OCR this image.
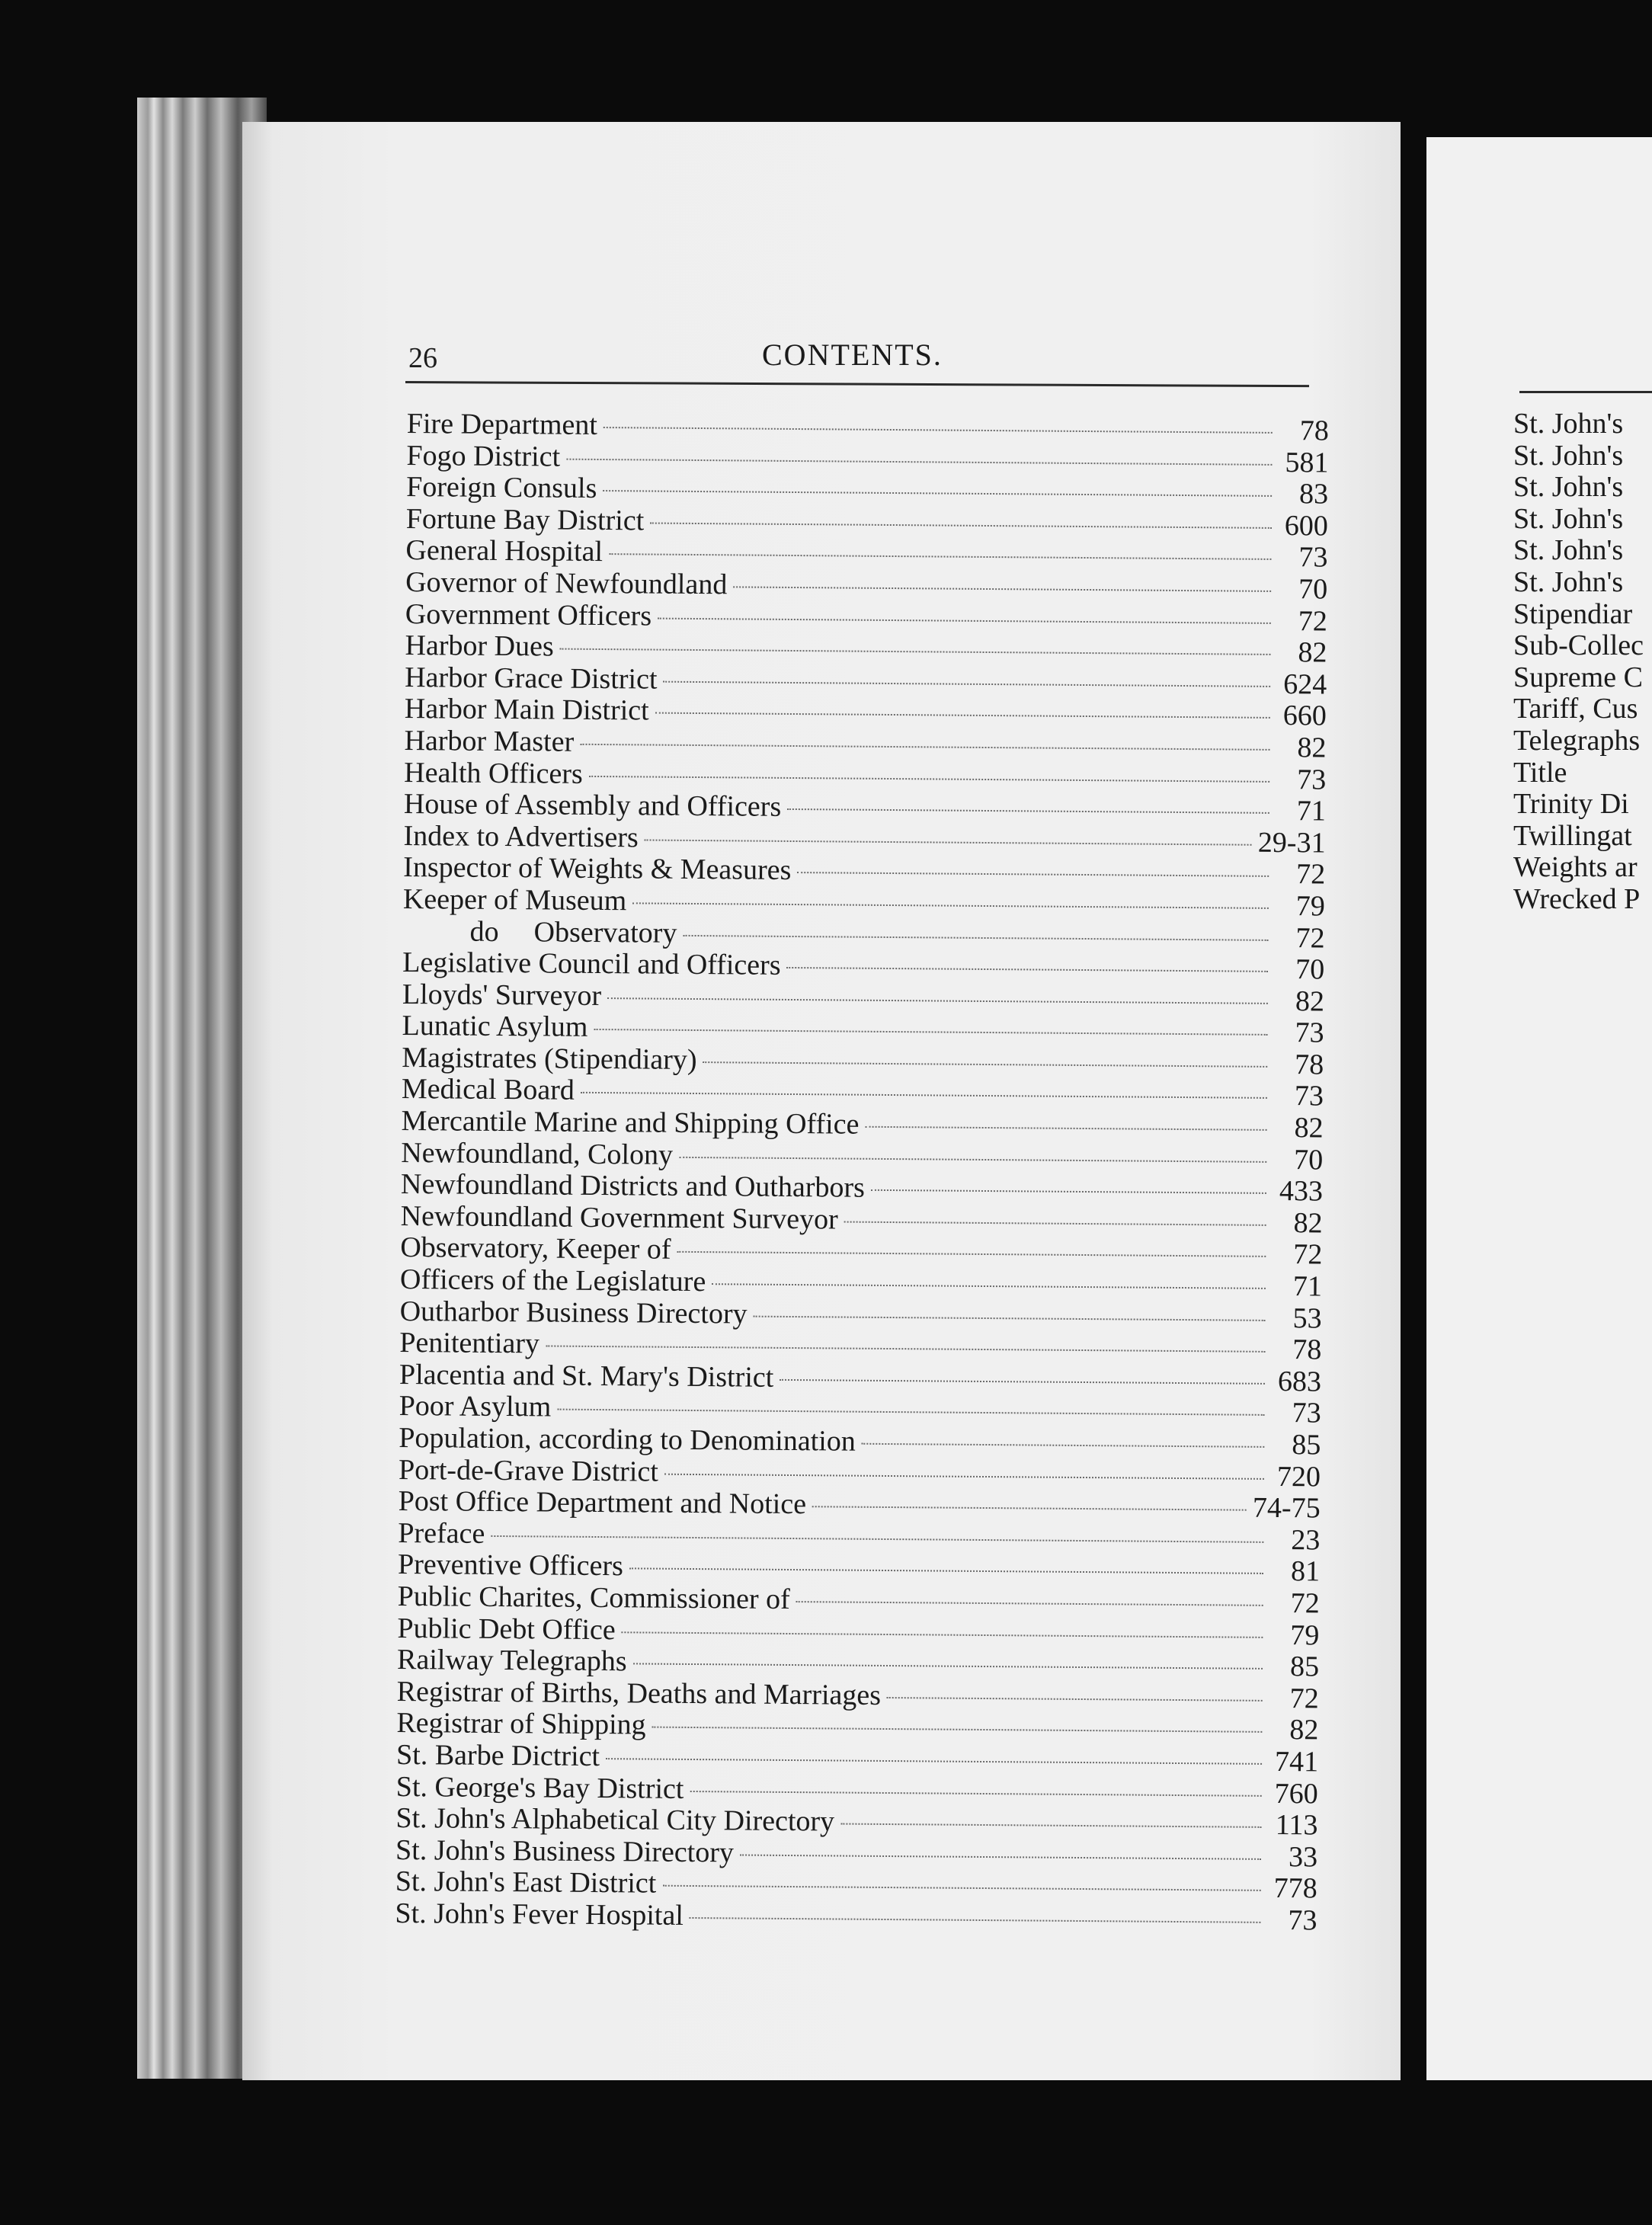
26	CONTENTS.
Fire Department	78
Fogo District	581
Foreign Consuls	83
Fortune Bay District	600
General Hospital	73
Governor of Newfoundland	70
Government Officers	72
Harbor Dues	82
Harbor Grace District	624
Harbor Main District	660
Harbor Master	82
Health Officers	73
House of Assembly and Officers	71
Index to Advertisers	29-31
Inspector of Weights & Measures	72
Keeper of Museum	79
do Observatory	72
Legislative Council and Officers	70
Lloyds' Surveyor	82
Lunatic Asylum	73
Magistrates (Stipendiary)	78
Medical Board	73
Mercantile Marine and Shipping Office	82
Newfoundland, Colony	70
Newfoundland Districts and Outharbors	433
Newfoundland Government Surveyor	82
Observatory, Keeper of	72
Officers of the Legislature	71
Outharbor Business Directory	53
Penitentiary	78
Placentia and St. Mary's District	683
Poor Asylum	73
Population, according to Denomination	85
Port-de-Grave District	720
Post Office Department and Notice	74-75
Preface	23
Preventive Officers	81
Public Charites, Commissioner of	72
Public Debt Office	79
Railway Telegraphs	85
Registrar of Births, Deaths and Marriages	72
Registrar of Shipping	82
St. Barbe Dictrict	741
St. George's Bay District	760
St. John's Alphabetical City Directory	113
St. John's Business Directory	33
St. John's East District	778
St. John's Fever Hospital	73
St. John's
St. John's
St. John's
St. John's
St. John's
St. John's
Stipendiar
Sub-Collec
Supreme C
Tariff, Cus
Telegraphs
Title
Trinity Di
Twillingat
Weights ar
Wrecked P
